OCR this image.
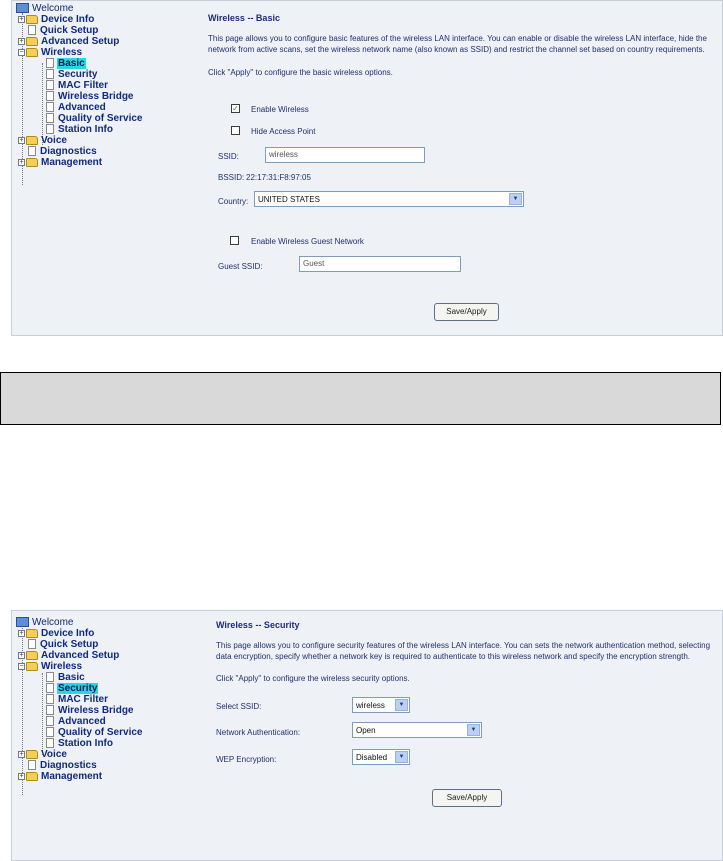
Welcome
+ Device Info
Quick Setup
+ Advanced Setup
− Wireless
Basic
Security
MAC Filter
Wireless Bridge
Advanced
Quality of Service
Station Info
+ Voice
Diagnostics
+ Management
Wireless -- Basic
This page allows you to configure basic features of the wireless LAN interface. You can enable or disable the wireless LAN interface, hide the network from active scans, set the wireless network name (also known as SSID) and restrict the channel set based on country requirements.
Click "Apply" to configure the basic wireless options.
✓ Enable Wireless
Hide Access Point
SSID:	wireless
BSSID: 22:17:31:F8:97:05
Country: UNITED STATES	▼
Enable Wireless Guest Network
Guest SSID:	Guest
Save/Apply
Welcome
+ Device Info
Quick Setup
+ Advanced Setup
− Wireless
Basic
Security
MAC Filter
Wireless Bridge
Advanced
Quality of Service
Station Info
+ Voice
Diagnostics
+ Management
Wireless -- Security
This page allows you to configure security features of the wireless LAN interface. You can sets the network authentication method, selecting data encryption, specify whether a network key is required to authenticate to this wireless network and specify the encryption strength.
Click "Apply" to configure the wireless security options.
Select SSID:	wireless	▼
Network Authentication:	Open	▼
WEP Encryption:	Disabled	▼
Save/Apply
